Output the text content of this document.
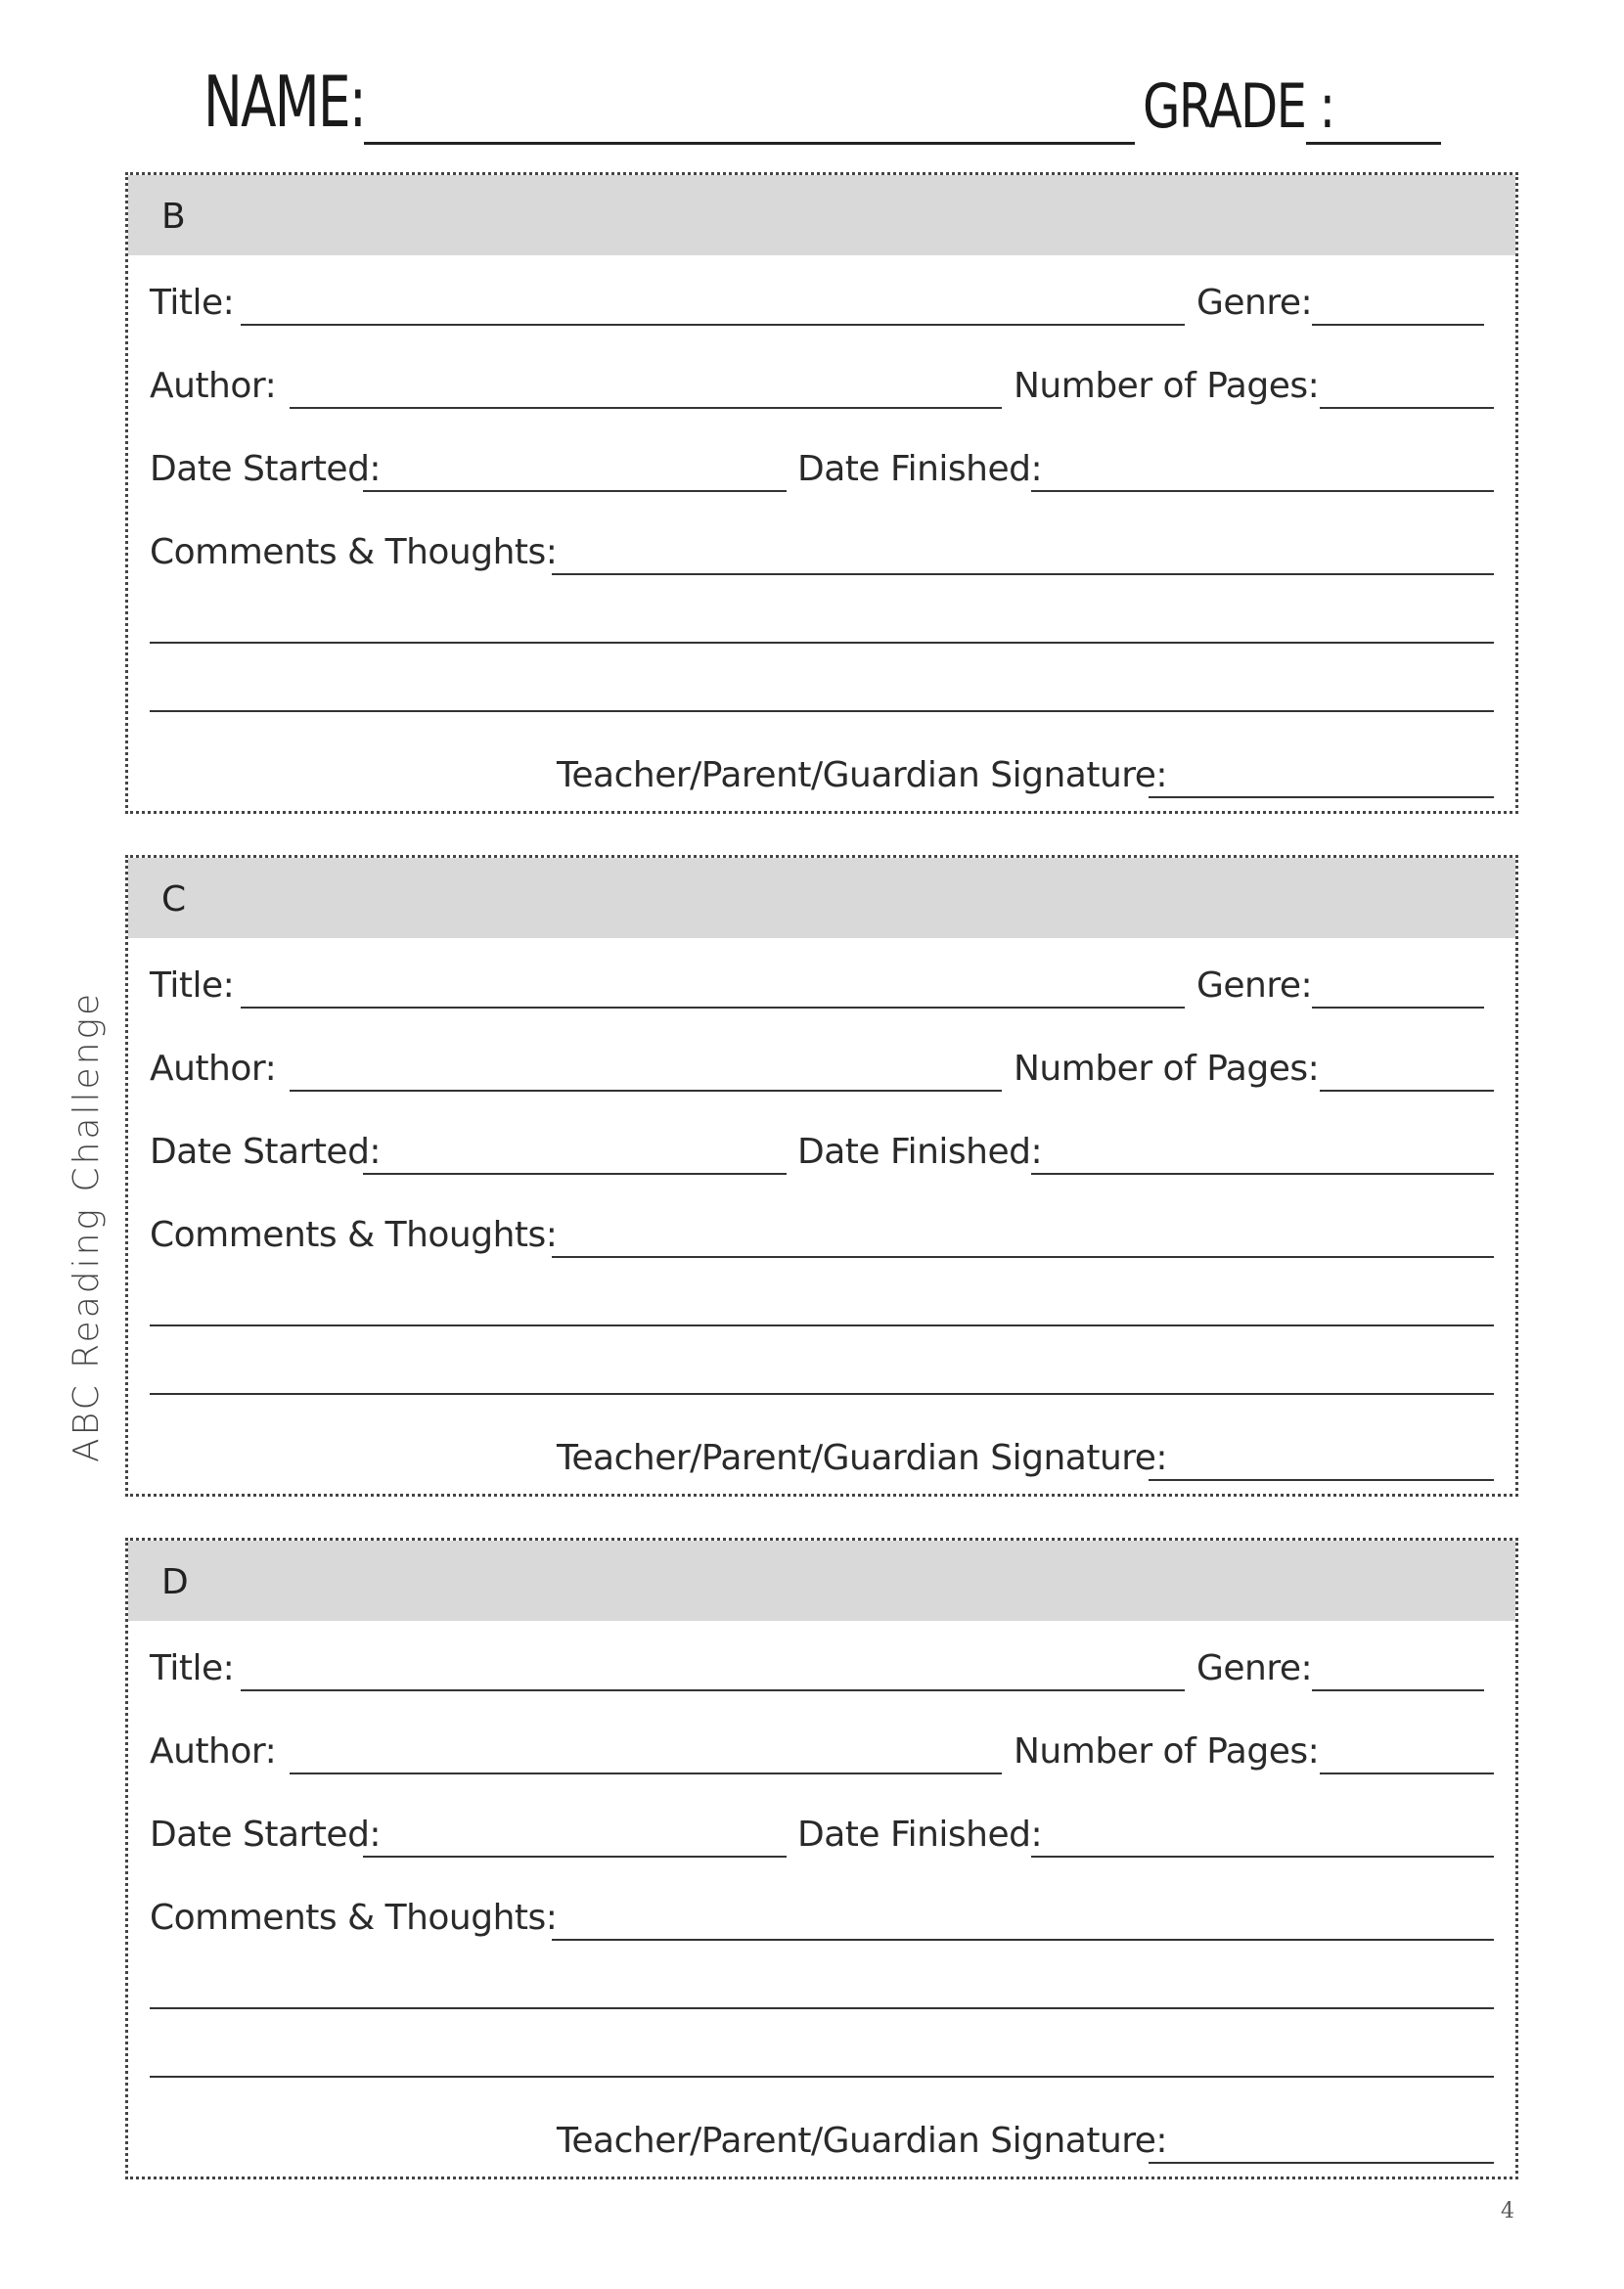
NAME:	GRADE :
ABC Reading Challenge
B
Title:	Genre:
Author:	Number of Pages:
Date Started:	Date Finished:
Comments & Thoughts:
Teacher/Parent/Guardian Signature:
C
Title:	Genre:
Author:	Number of Pages:
Date Started:	Date Finished:
Comments & Thoughts:
Teacher/Parent/Guardian Signature:
D
Title:	Genre:
Author:	Number of Pages:
Date Started:	Date Finished:
Comments & Thoughts:
Teacher/Parent/Guardian Signature:
4
